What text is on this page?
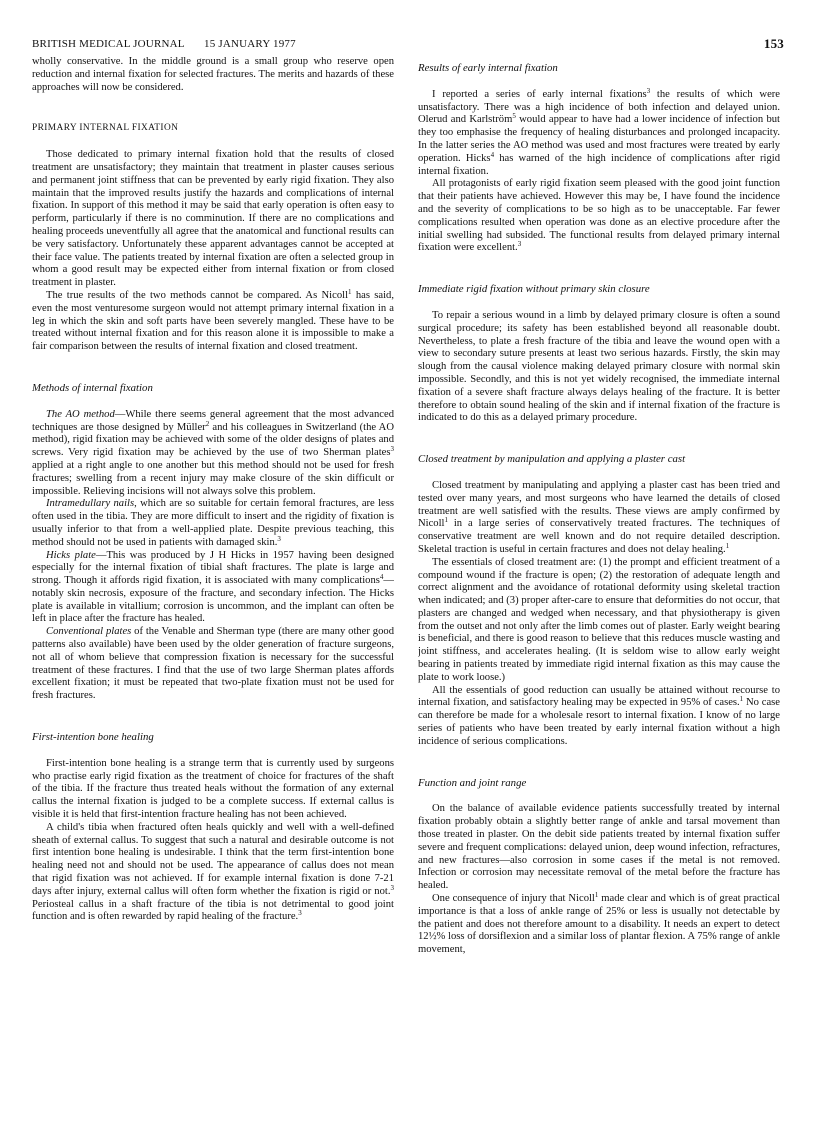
BRITISH MEDICAL JOURNAL 15 JANUARY 1977	153

wholly conservative. In the middle ground is a small group who reserve open reduction and internal fixation for selected fractures. The merits and hazards of these approaches will now be considered.

PRIMARY INTERNAL FIXATION

Those dedicated to primary internal fixation hold that the results of closed treatment are unsatisfactory; they maintain that treatment in plaster causes serious and permanent joint stiffness that can be prevented by early rigid fixation. They also maintain that the improved results justify the hazards and complications of internal fixation. In support of this method it may be said that early operation is often easy to perform, particularly if there is no comminution. If there are no complications and healing proceeds uneventfully all agree that the anatomical and functional results can be very satisfactory. Unfortunately these apparent advantages cannot be accepted at their face value. The patients treated by internal fixation are often a selected group in whom a good result may be expected either from internal fixation or from closed treatment in plaster.

The true results of the two methods cannot be compared. As Nicoll$^1$ has said, even the most venturesome surgeon would not attempt primary internal fixation in a leg in which the skin and soft parts have been severely mangled. These have to be treated without internal fixation and for this reason alone it is impossible to make a fair comparison between the results of internal fixation and closed treatment.

Methods of internal fixation

The AO method—While there seems general agreement that the most advanced techniques are those designed by Müller$^2$ and his colleagues in Switzerland (the AO method), rigid fixation may be achieved with some of the older designs of plates and screws. Very rigid fixation may be achieved by the use of two Sherman plates$^3$ applied at a right angle to one another but this method should not be used for fresh fractures; swelling from a recent injury may make closure of the skin difficult or impossible. Relieving incisions will not always solve this problem.

Intramedullary nails, which are so suitable for certain femoral fractures, are less often used in the tibia. They are more difficult to insert and the rigidity of fixation is usually inferior to that from a well-applied plate. Despite previous teaching, this method should not be used in patients with damaged skin.$^3$

Hicks plate—This was produced by J H Hicks in 1957 having been designed especially for the internal fixation of tibial shaft fractures. The plate is large and strong. Though it affords rigid fixation, it is associated with many complications$^4$—notably skin necrosis, exposure of the fracture, and secondary infection. The Hicks plate is available in vitallium; corrosion is uncommon, and the implant can often be left in place after the fracture has healed.

Conventional plates of the Venable and Sherman type (there are many other good patterns also available) have been used by the older generation of fracture surgeons, not all of whom believe that compression fixation is necessary for the successful treatment of these fractures. I find that the use of two large Sherman plates affords excellent fixation; it must be repeated that two-plate fixation must not be used for fresh fractures.

First-intention bone healing

First-intention bone healing is a strange term that is currently used by surgeons who practise early rigid fixation as the treatment of choice for fractures of the shaft of the tibia. If the fracture thus treated heals without the formation of any external callus the internal fixation is judged to be a complete success. If external callus is visible it is held that first-intention fracture healing has not been achieved.

A child's tibia when fractured often heals quickly and well with a well-defined sheath of external callus. To suggest that such a natural and desirable outcome is not first intention bone healing is undesirable. I think that the term first-intention bone healing need not and should not be used. The appearance of callus does not mean that rigid fixation was not achieved. If for example internal fixation is done 7-21 days after injury, external callus will often form whether the fixation is rigid or not.$^3$ Periosteal callus in a shaft fracture of the tibia is not detrimental to good joint function and is often rewarded by rapid healing of the fracture.$^3$

Results of early internal fixation

I reported a series of early internal fixations$^3$ the results of which were unsatisfactory. There was a high incidence of both infection and delayed union. Olerud and Karlström$^5$ would appear to have had a lower incidence of infection but they too emphasise the frequency of healing disturbances and prolonged incapacity. In the latter series the AO method was used and most fractures were treated by early operation. Hicks$^4$ has warned of the high incidence of complications after rigid internal fixation.

All protagonists of early rigid fixation seem pleased with the good joint function that their patients have achieved. However this may be, I have found the incidence and the severity of complications to be so high as to be unacceptable. Far fewer complications resulted when operation was done as an elective procedure after the initial swelling had subsided. The functional results from delayed primary internal fixation were excellent.$^3$

Immediate rigid fixation without primary skin closure

To repair a serious wound in a limb by delayed primary closure is often a sound surgical procedure; its safety has been established beyond all reasonable doubt. Nevertheless, to plate a fresh fracture of the tibia and leave the wound open with a view to secondary suture presents at least two serious hazards. Firstly, the skin may slough from the causal violence making delayed primary closure with normal skin impossible. Secondly, and this is not yet widely recognised, the immediate internal fixation of a severe shaft fracture always delays healing of the fracture. It is better therefore to obtain sound healing of the skin and if internal fixation of the fracture is indicated to do this as a delayed primary procedure.

Closed treatment by manipulation and applying a plaster cast

Closed treatment by manipulating and applying a plaster cast has been tried and tested over many years, and most surgeons who have learned the details of closed treatment are well satisfied with the results. These views are amply confirmed by Nicoll$^1$ in a large series of conservatively treated fractures. The techniques of conservative treatment are well known and do not require detailed description. Skeletal traction is useful in certain fractures and does not delay healing.$^1$

The essentials of closed treatment are: (1) the prompt and efficient treatment of a compound wound if the fracture is open; (2) the restoration of adequate length and correct alignment and the avoidance of rotational deformity using skeletal traction when indicated; and (3) proper after-care to ensure that deformities do not occur, that plasters are changed and wedged when necessary, and that physiotherapy is given from the outset and not only after the limb comes out of plaster. Early weight bearing is beneficial, and there is good reason to believe that this reduces muscle wasting and joint stiffness, and accelerates healing. (It is seldom wise to allow early weight bearing in patients treated by immediate rigid internal fixation as this may cause the plate to work loose.)

All the essentials of good reduction can usually be attained without recourse to internal fixation, and satisfactory healing may be expected in 95% of cases.$^1$ No case can therefore be made for a wholesale resort to internal fixation. I know of no large series of patients who have been treated by early internal fixation without a high incidence of serious complications.

Function and joint range

On the balance of available evidence patients successfully treated by internal fixation probably obtain a slightly better range of ankle and tarsal movement than those treated in plaster. On the debit side patients treated by internal fixation suffer severe and frequent complications: delayed union, deep wound infection, refractures, and new fractures—also corrosion in some cases if the metal is not removed. Infection or corrosion may necessitate removal of the metal before the fracture has healed.

One consequence of injury that Nicoll$^1$ made clear and which is of great practical importance is that a loss of ankle range of 25% or less is usually not detectable by the patient and does not therefore amount to a disability. It needs an expert to detect 12½% loss of dorsiflexion and a similar loss of plantar flexion. A 75% range of ankle movement,
